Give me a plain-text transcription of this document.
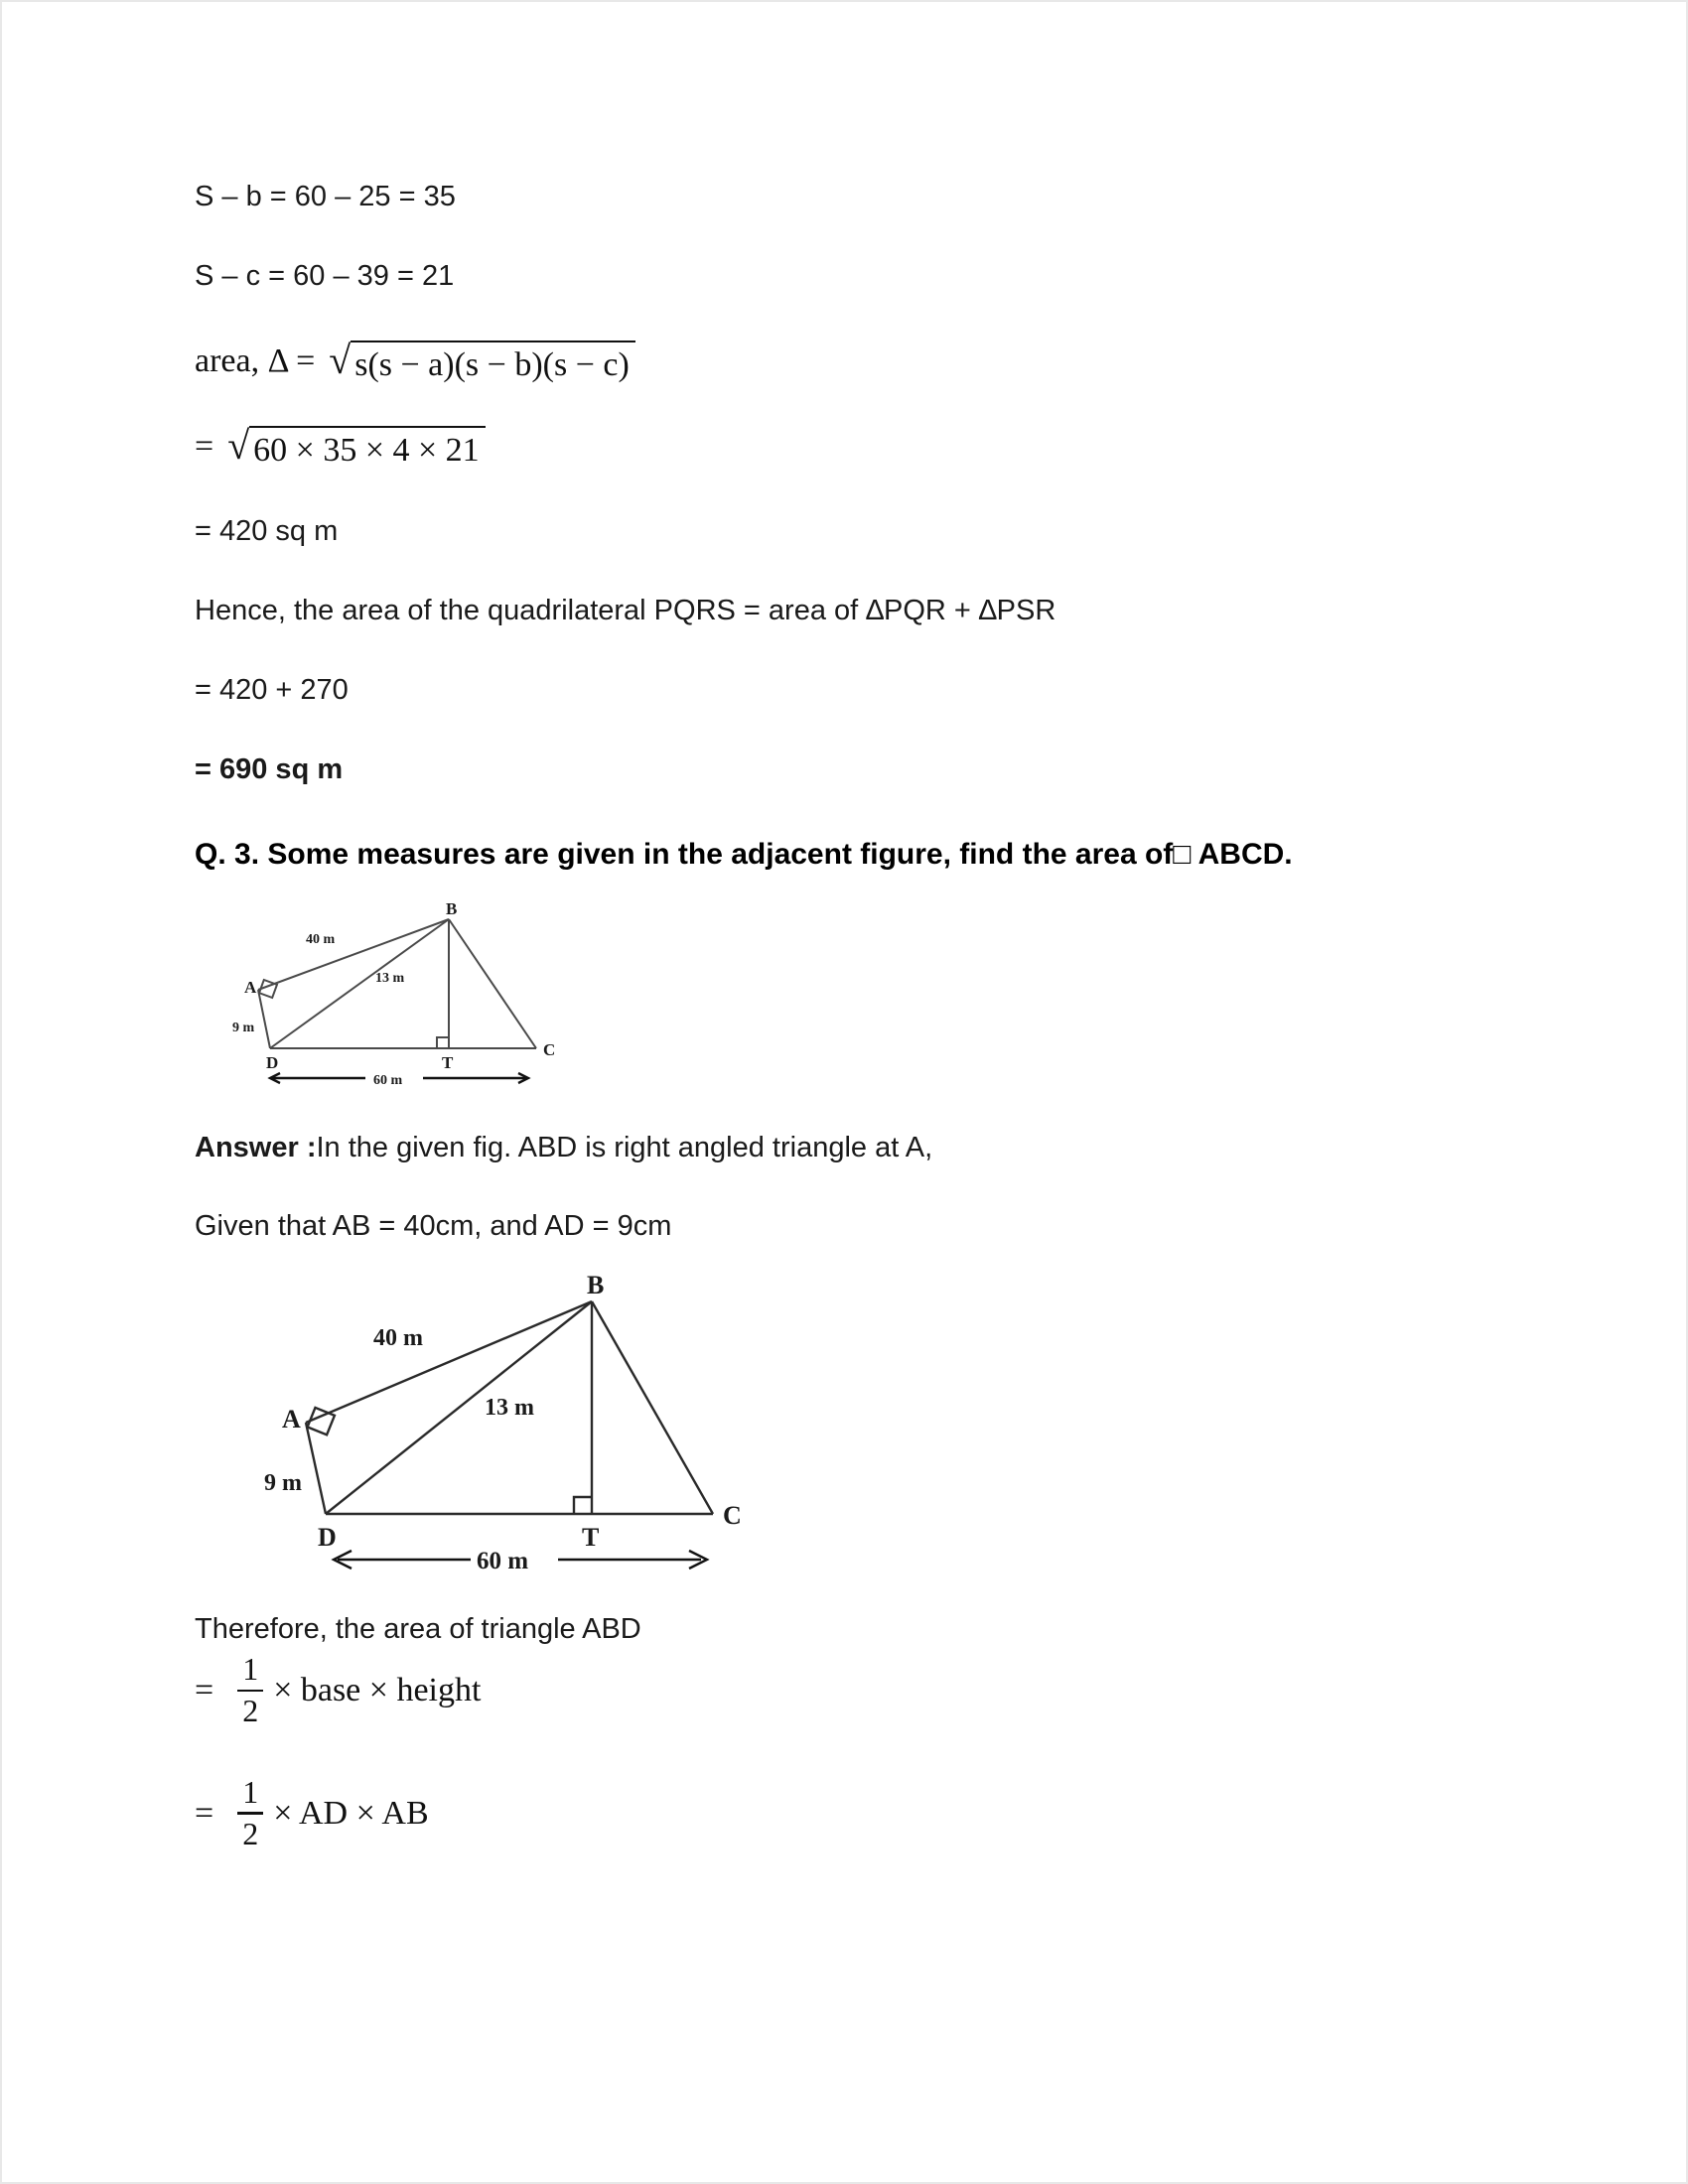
S – b = 60 – 25 = 35

S – c = 60 – 39 = 21

area, Δ = √ s(s − a)(s − b)(s − c)
= √ 60 × 35 × 4 × 21

= 420 sq m

Hence, the area of the quadrilateral PQRS = area of ∆PQR + ∆PSR

= 420 + 270

= 690 sq m

Q. 3. Some measures are given in the adjacent figure, find the area of□ ABCD.

A
B
C
D	T
40 m
9 m
13 m
60 m

Answer :In the given fig. ABD is right angled triangle at A,

Given that AB = 40cm, and AD = 9cm

A
B
C
D	T
40 m
9 m
13 m
60 m

Therefore, the area of triangle ABD

= $\frac{1}{2}$ × base × height
= $\frac{1}{2}$ × AD × AB
